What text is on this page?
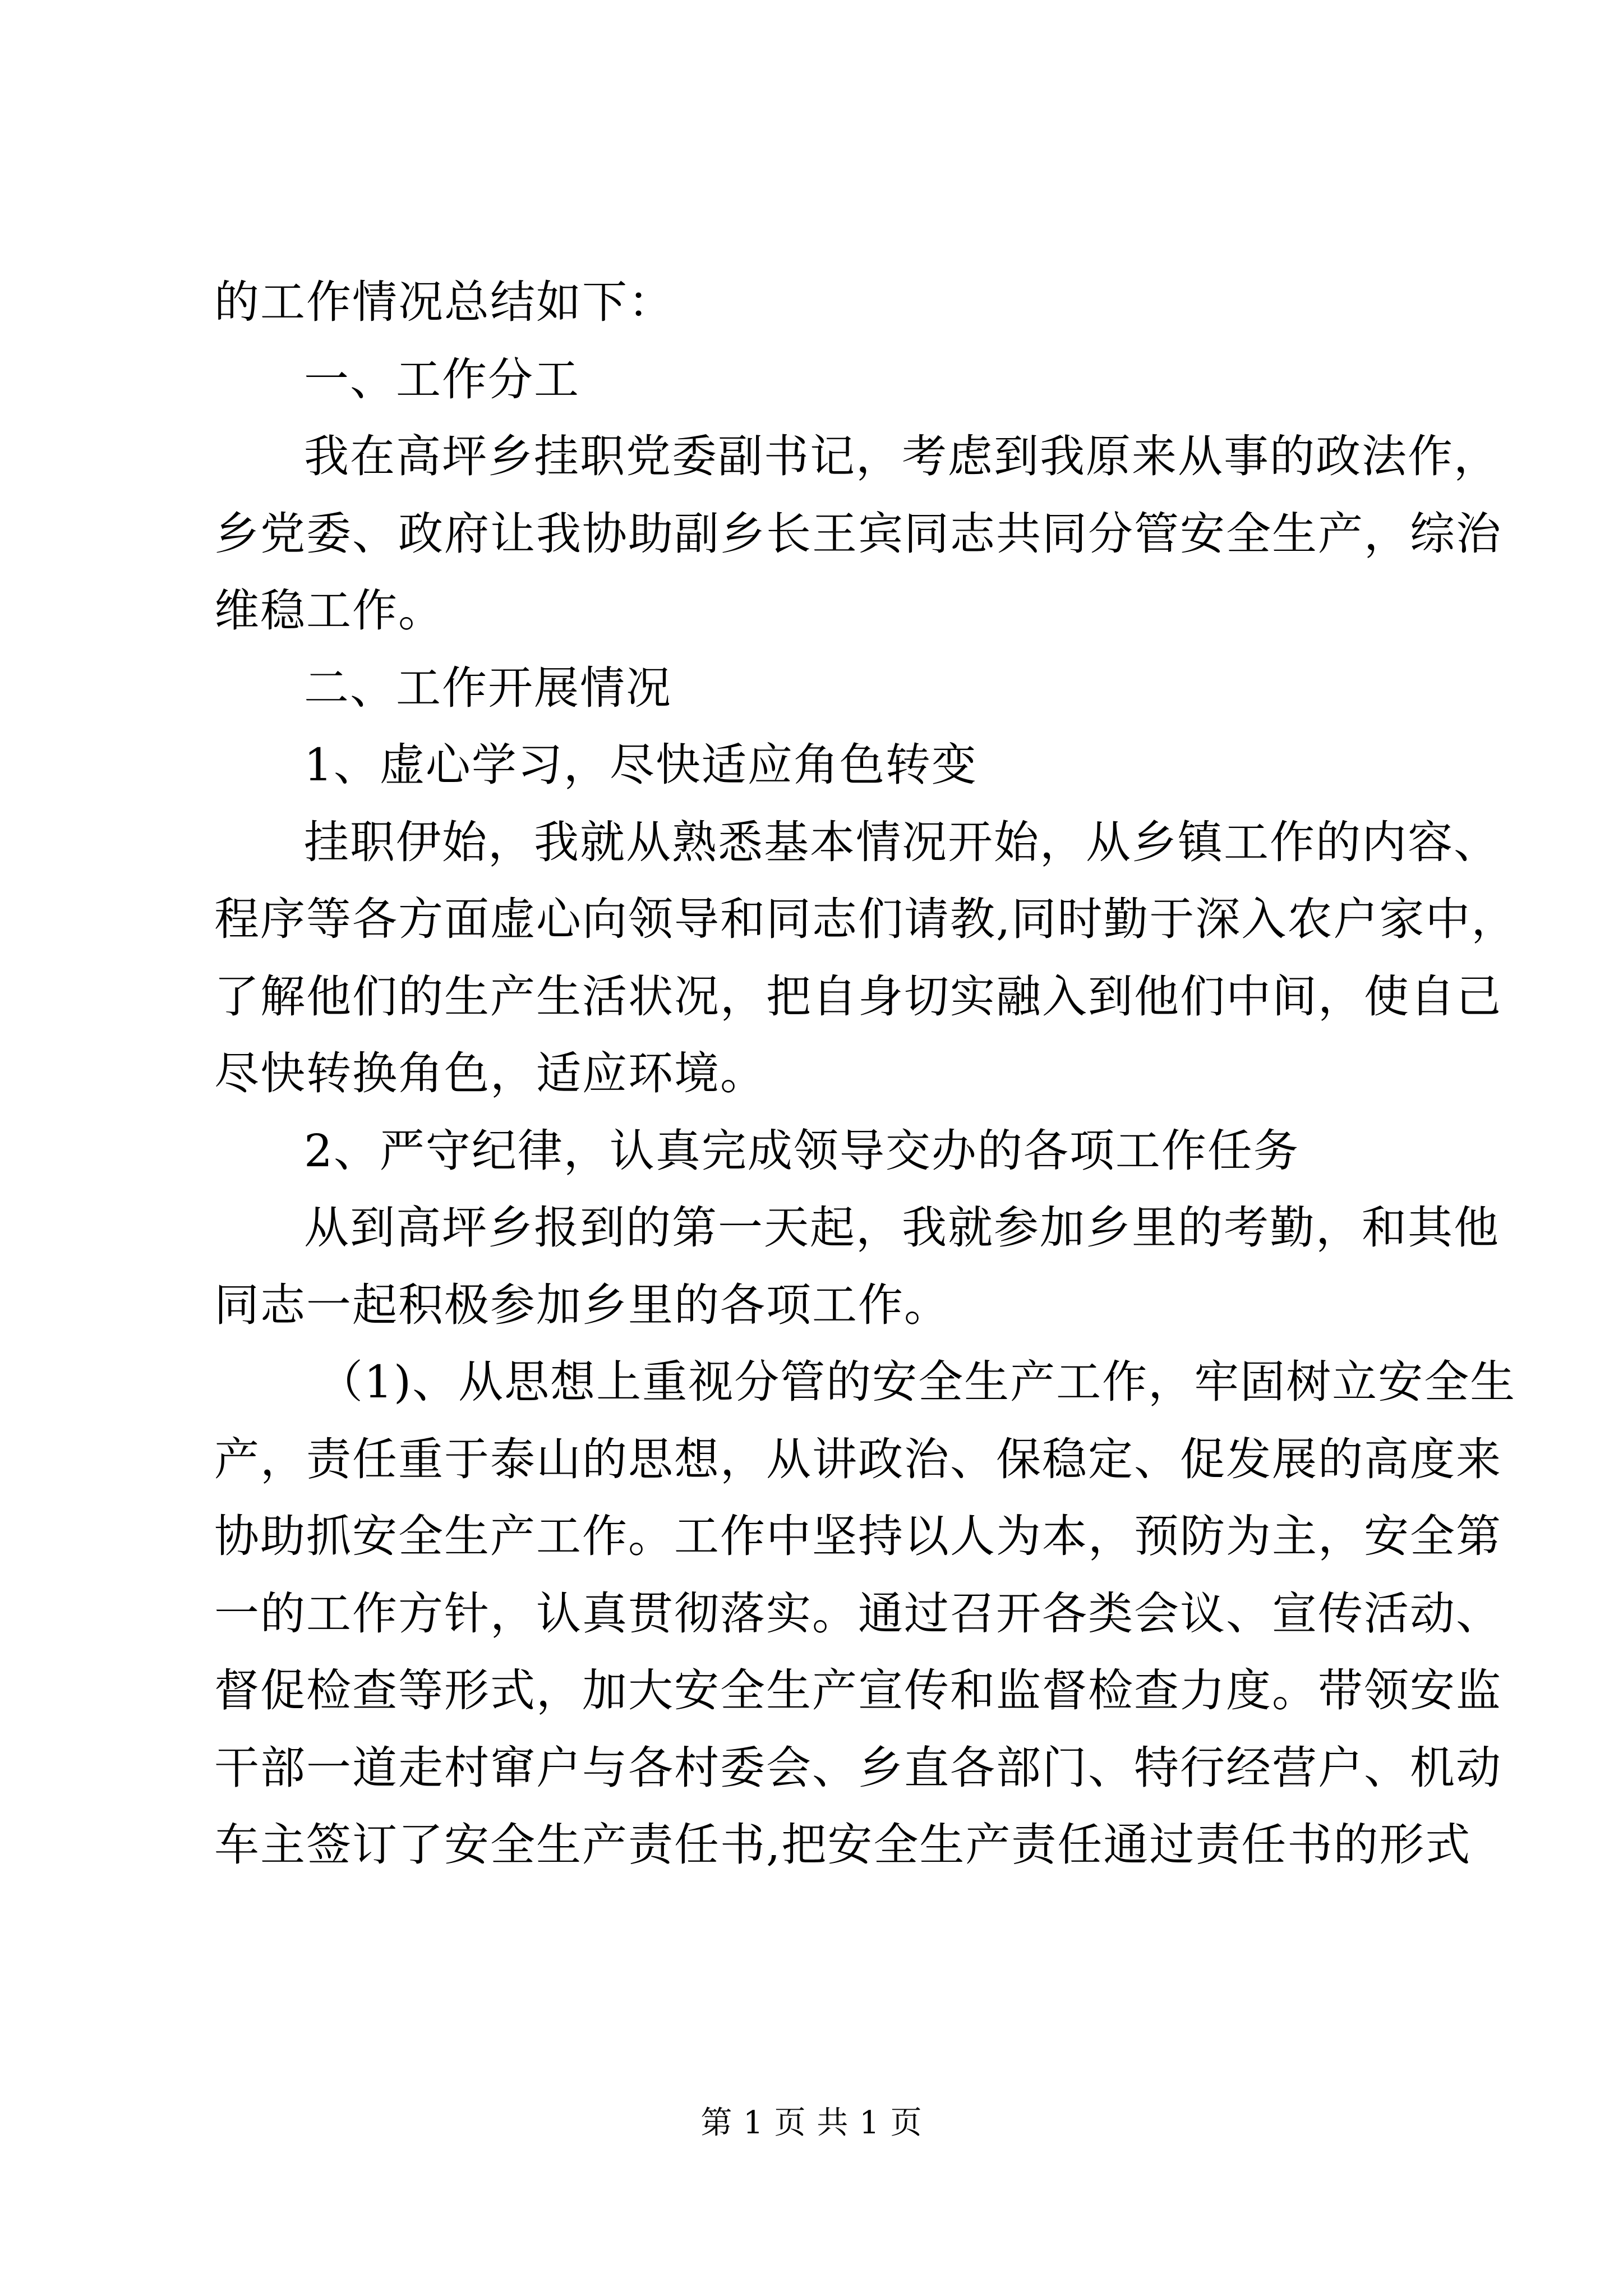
的工作情况总结如下：
一、工作分工
我在高坪乡挂职党委副书记，考虑到我原来从事的政法作，
乡党委、政府让我协助副乡长王宾同志共同分管安全生产，综治
维稳工作。
二、工作开展情况
1、虚心学习，尽快适应角色转变
挂职伊始，我就从熟悉基本情况开始，从乡镇工作的内容、
程序等各方面虚心向领导和同志们请教,同时勤于深入农户家中，
了解他们的生产生活状况，把自身切实融入到他们中间，使自己
尽快转换角色，适应环境。
2、严守纪律，认真完成领导交办的各项工作任务
从到高坪乡报到的第一天起，我就参加乡里的考勤，和其他
同志一起积极参加乡里的各项工作。
（1)、从思想上重视分管的安全生产工作，牢固树立安全生
产，责任重于泰山的思想，从讲政治、保稳定、促发展的高度来
协助抓安全生产工作。工作中坚持以人为本，预防为主，安全第
一的工作方针，认真贯彻落实。通过召开各类会议、宣传活动、
督促检查等形式，加大安全生产宣传和监督检查力度。带领安监
干部一道走村窜户与各村委会、乡直各部门、特行经营户、机动
车主签订了安全生产责任书,把安全生产责任通过责任书的形式
第 1 页 共 1 页
